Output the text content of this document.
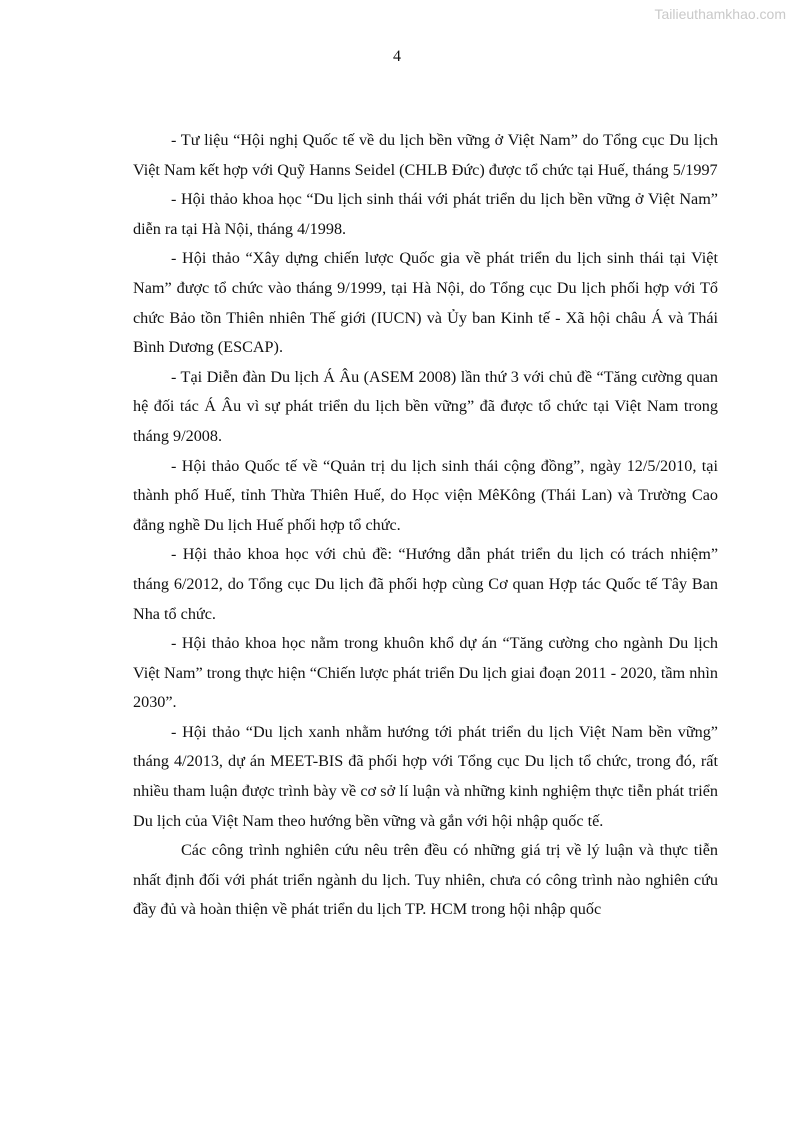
Tailieuthamkhao.com
4

- Tư liệu “Hội nghị Quốc tế về du lịch bền vững ở Việt Nam” do Tổng cục Du lịch Việt Nam kết hợp với Quỹ Hanns Seidel (CHLB Đức) được tổ chức tại Huế, tháng 5/1997

- Hội thảo khoa học “Du lịch sinh thái với phát triển du lịch bền vững ở Việt Nam” diễn ra tại Hà Nội, tháng 4/1998.

- Hội thảo “Xây dựng chiến lược Quốc gia về phát triển du lịch sinh thái tại Việt Nam” được tổ chức vào tháng 9/1999, tại Hà Nội, do Tổng cục Du lịch phối hợp với Tổ chức Bảo tồn Thiên nhiên Thế giới (IUCN) và Ủy ban Kinh tế - Xã hội châu Á và Thái Bình Dương (ESCAP).

- Tại Diễn đàn Du lịch Á Âu (ASEM 2008) lần thứ 3 với chủ đề “Tăng cường quan hệ đối tác Á Âu vì sự phát triển du lịch bền vững” đã được tổ chức tại Việt Nam trong tháng 9/2008.

- Hội thảo Quốc tế về “Quản trị du lịch sinh thái cộng đồng”, ngày 12/5/2010, tại thành phố Huế, tỉnh Thừa Thiên Huế, do Học viện MêKông (Thái Lan) và Trường Cao đẳng nghề Du lịch Huế phối hợp tổ chức.

- Hội thảo khoa học với chủ đề: “Hướng dẫn phát triển du lịch có trách nhiệm” tháng 6/2012, do Tổng cục Du lịch đã phối hợp cùng Cơ quan Hợp tác Quốc tế Tây Ban Nha tổ chức.

- Hội thảo khoa học nằm trong khuôn khổ dự án “Tăng cường cho ngành Du lịch Việt Nam” trong thực hiện “Chiến lược phát triển Du lịch giai đoạn 2011 - 2020, tầm nhìn 2030”.

- Hội thảo “Du lịch xanh nhằm hướng tới phát triển du lịch Việt Nam bền vững” tháng 4/2013, dự án MEET-BIS đã phối hợp với Tổng cục Du lịch tổ chức, trong đó, rất nhiều tham luận được trình bày về cơ sở lí luận và những kinh nghiệm thực tiễn phát triển Du lịch của Việt Nam theo hướng bền vững và gắn với hội nhập quốc tế.

Các công trình nghiên cứu nêu trên đều có những giá trị về lý luận và thực tiễn nhất định đối với phát triển ngành du lịch. Tuy nhiên, chưa có công trình nào nghiên cứu đầy đủ và hoàn thiện về phát triển du lịch TP. HCM trong hội nhập quốc
